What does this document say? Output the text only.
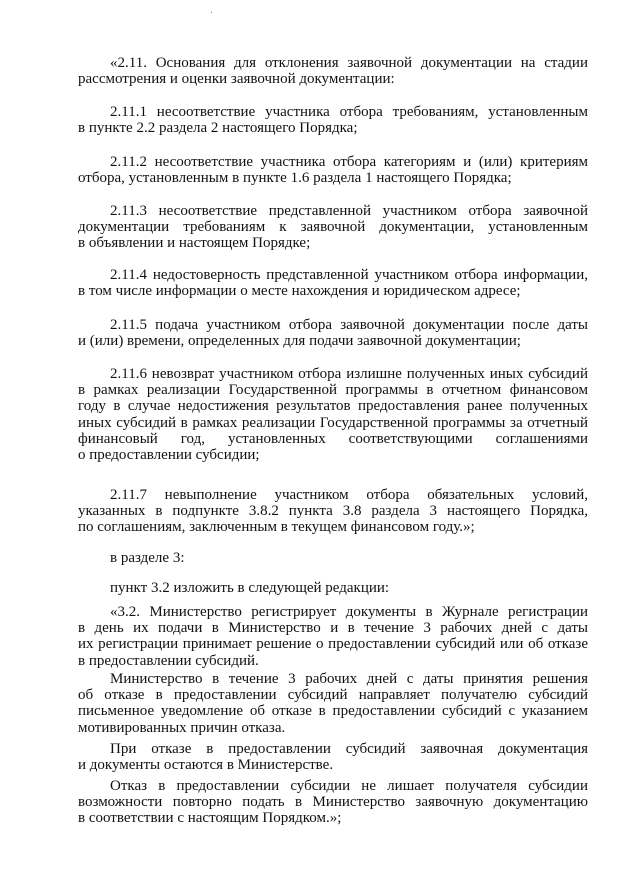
.
«2.11. Основания для отклонения заявочной документации на стадии
рассмотрения и оценки заявочной документации:
2.11.1 несоответствие участника отбора требованиям, установленным
в пункте 2.2 раздела 2 настоящего Порядка;
2.11.2 несоответствие участника отбора категориям и (или) критериям
отбора, установленным в пункте 1.6 раздела 1 настоящего Порядка;
2.11.3 несоответствие представленной участником отбора заявочной
документации требованиям к заявочной документации, установленным
в объявлении и настоящем Порядке;
2.11.4 недостоверность представленной участником отбора информации,
в том числе информации о месте нахождения и юридическом адресе;
2.11.5 подача участником отбора заявочной документации после даты
и (или) времени, определенных для подачи заявочной документации;
2.11.6 невозврат участником отбора излишне полученных иных субсидий
в рамках реализации Государственной программы в отчетном финансовом
году в случае недостижения результатов предоставления ранее полученных
иных субсидий в рамках реализации Государственной программы за отчетный
финансовый год, установленных соответствующими соглашениями
о предоставлении субсидии;
2.11.7 невыполнение участником отбора обязательных условий,
указанных в подпункте 3.8.2 пункта 3.8 раздела 3 настоящего Порядка,
по соглашениям, заключенным в текущем финансовом году.»;
в разделе 3:
пункт 3.2 изложить в следующей редакции:
«3.2. Министерство регистрирует документы в Журнале регистрации
в день их подачи в Министерство и в течение 3 рабочих дней с даты
их регистрации принимает решение о предоставлении субсидий или об отказе
в предоставлении субсидий.
Министерство в течение 3 рабочих дней с даты принятия решения
об отказе в предоставлении субсидий направляет получателю субсидий
письменное уведомление об отказе в предоставлении субсидий с указанием
мотивированных причин отказа.
При отказе в предоставлении субсидий заявочная документация
и документы остаются в Министерстве.
Отказ в предоставлении субсидии не лишает получателя субсидии
возможности повторно подать в Министерство заявочную документацию
в соответствии с настоящим Порядком.»;
